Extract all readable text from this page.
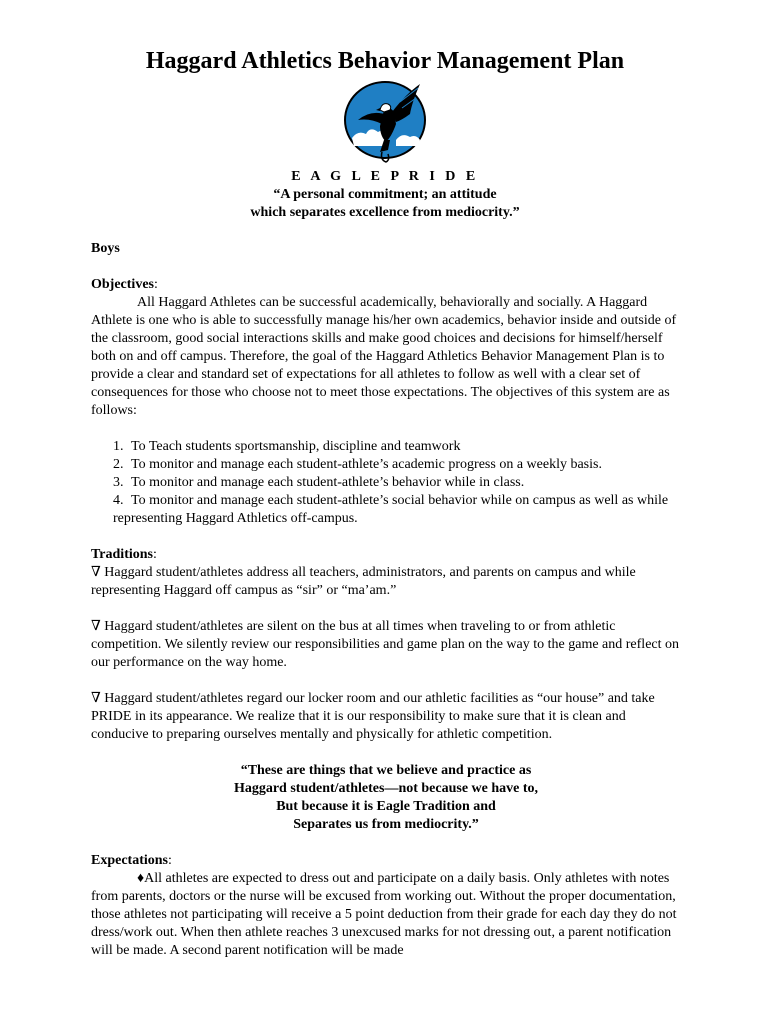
Haggard Athletics Behavior Management Plan
E A G L E P R I D E
“A personal commitment; an attitude
which separates excellence from mediocrity.”

Boys

Objectives:

All Haggard Athletes can be successful academically, behaviorally and socially. A Haggard Athlete is one who is able to successfully manage his/her own academics, behavior inside and outside of the classroom, good social interactions skills and make good choices and decisions for himself/herself both on and off campus. Therefore, the goal of the Haggard Athletics Behavior Management Plan is to provide a clear and standard set of expectations for all athletes to follow as well with a clear set of consequences for those who choose not to meet those expectations. The objectives of this system are as follows:

1. To Teach students sportsmanship, discipline and teamwork
2. To monitor and manage each student-athlete’s academic progress on a weekly basis.
3. To monitor and manage each student-athlete’s behavior while in class.
4. To monitor and manage each student-athlete’s social behavior while on campus as well as while representing Haggard Athletics off-campus.

Traditions:

∇ Haggard student/athletes address all teachers, administrators, and parents on campus and while representing Haggard off campus as “sir” or “ma’am.”

∇ Haggard student/athletes are silent on the bus at all times when traveling to or from athletic competition. We silently review our responsibilities and game plan on the way to the game and reflect on our performance on the way home.

∇ Haggard student/athletes regard our locker room and our athletic facilities as “our house” and take PRIDE in its appearance. We realize that it is our responsibility to make sure that it is clean and conducive to preparing ourselves mentally and physically for athletic competition.

“These are things that we believe and practice as

Haggard student/athletes—not because we have to,

But because it is Eagle Tradition and

Separates us from mediocrity.”

Expectations:

♦All athletes are expected to dress out and participate on a daily basis. Only athletes with notes from parents, doctors or the nurse will be excused from working out. Without the proper documentation, those athletes not participating will receive a 5 point deduction from their grade for each day they do not dress/work out. When then athlete reaches 3 unexcused marks for not dressing out, a parent notification will be made. A second parent notification will be made
